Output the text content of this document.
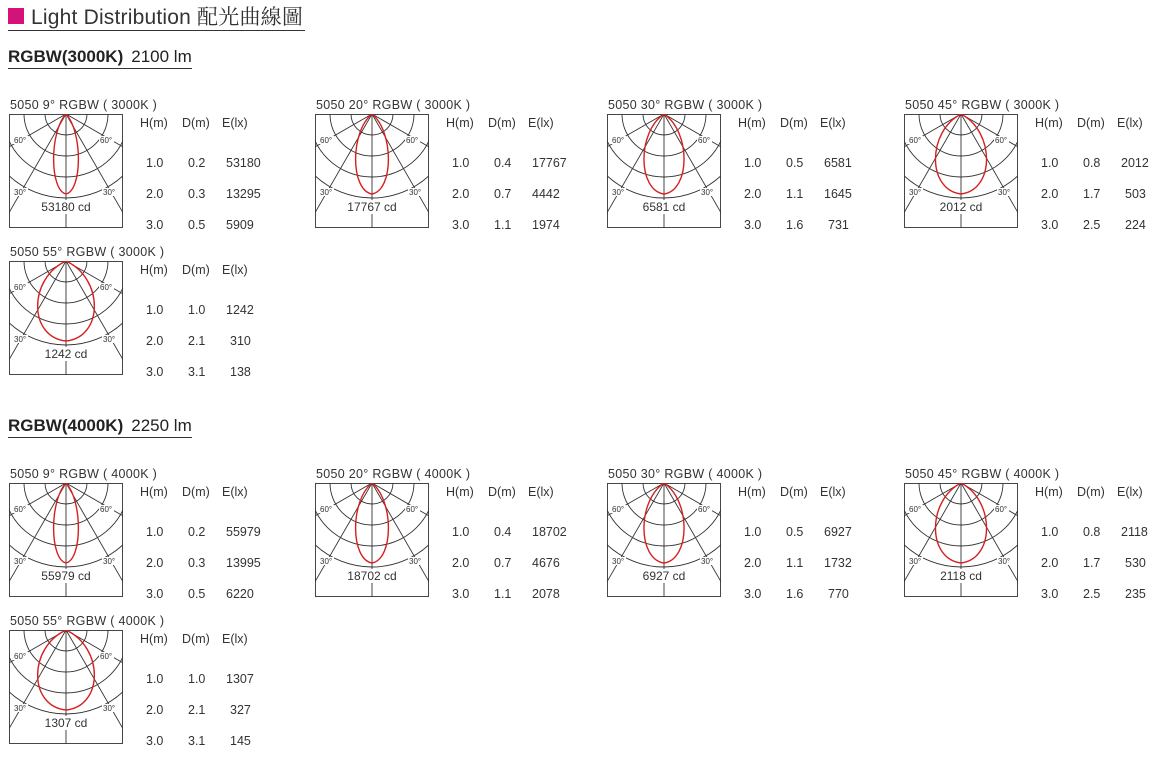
Light Distribution 配光曲線圖
RGBW(3000K) 2100 lm
5050 9° RGBW ( 3000K )
60°	60°
30°	30°
53180 cd
H(m) D(m) E(lx)
1.0 0.2 53180
2.0 0.3 13295
3.0 0.5 5909
5050 20° RGBW ( 3000K )
60°	60°
30°	30°
17767 cd
H(m) D(m) E(lx)
1.0 0.4 17767
2.0 0.7 4442
3.0 1.1 1974
5050 30° RGBW ( 3000K )
60°	60°
30°	30°
6581 cd
H(m) D(m) E(lx)
1.0 0.5 6581
2.0 1.1 1645
3.0 1.6 731
5050 45° RGBW ( 3000K )
60°	60°
30°	30°
2012 cd
H(m) D(m) E(lx)
1.0 0.8 2012
2.0 1.7 503
3.0 2.5 224
5050 55° RGBW ( 3000K )
60°	60°
30°	30°
1242 cd
H(m) D(m) E(lx)
1.0 1.0 1242
2.0 2.1 310
3.0 3.1 138
RGBW(4000K) 2250 lm
5050 9° RGBW ( 4000K )
60°	60°
30°	30°
55979 cd
H(m) D(m) E(lx)
1.0 0.2 55979
2.0 0.3 13995
3.0 0.5 6220
5050 20° RGBW ( 4000K )
60°	60°
30°	30°
18702 cd
H(m) D(m) E(lx)
1.0 0.4 18702
2.0 0.7 4676
3.0 1.1 2078
5050 30° RGBW ( 4000K )
60°	60°
30°	30°
6927 cd
H(m) D(m) E(lx)
1.0 0.5 6927
2.0 1.1 1732
3.0 1.6 770
5050 45° RGBW ( 4000K )
60°	60°
30°	30°
2118 cd
H(m) D(m) E(lx)
1.0 0.8 2118
2.0 1.7 530
3.0 2.5 235
5050 55° RGBW ( 4000K )
60°	60°
30°	30°
1307 cd
H(m) D(m) E(lx)
1.0 1.0 1307
2.0 2.1 327
3.0 3.1 145
